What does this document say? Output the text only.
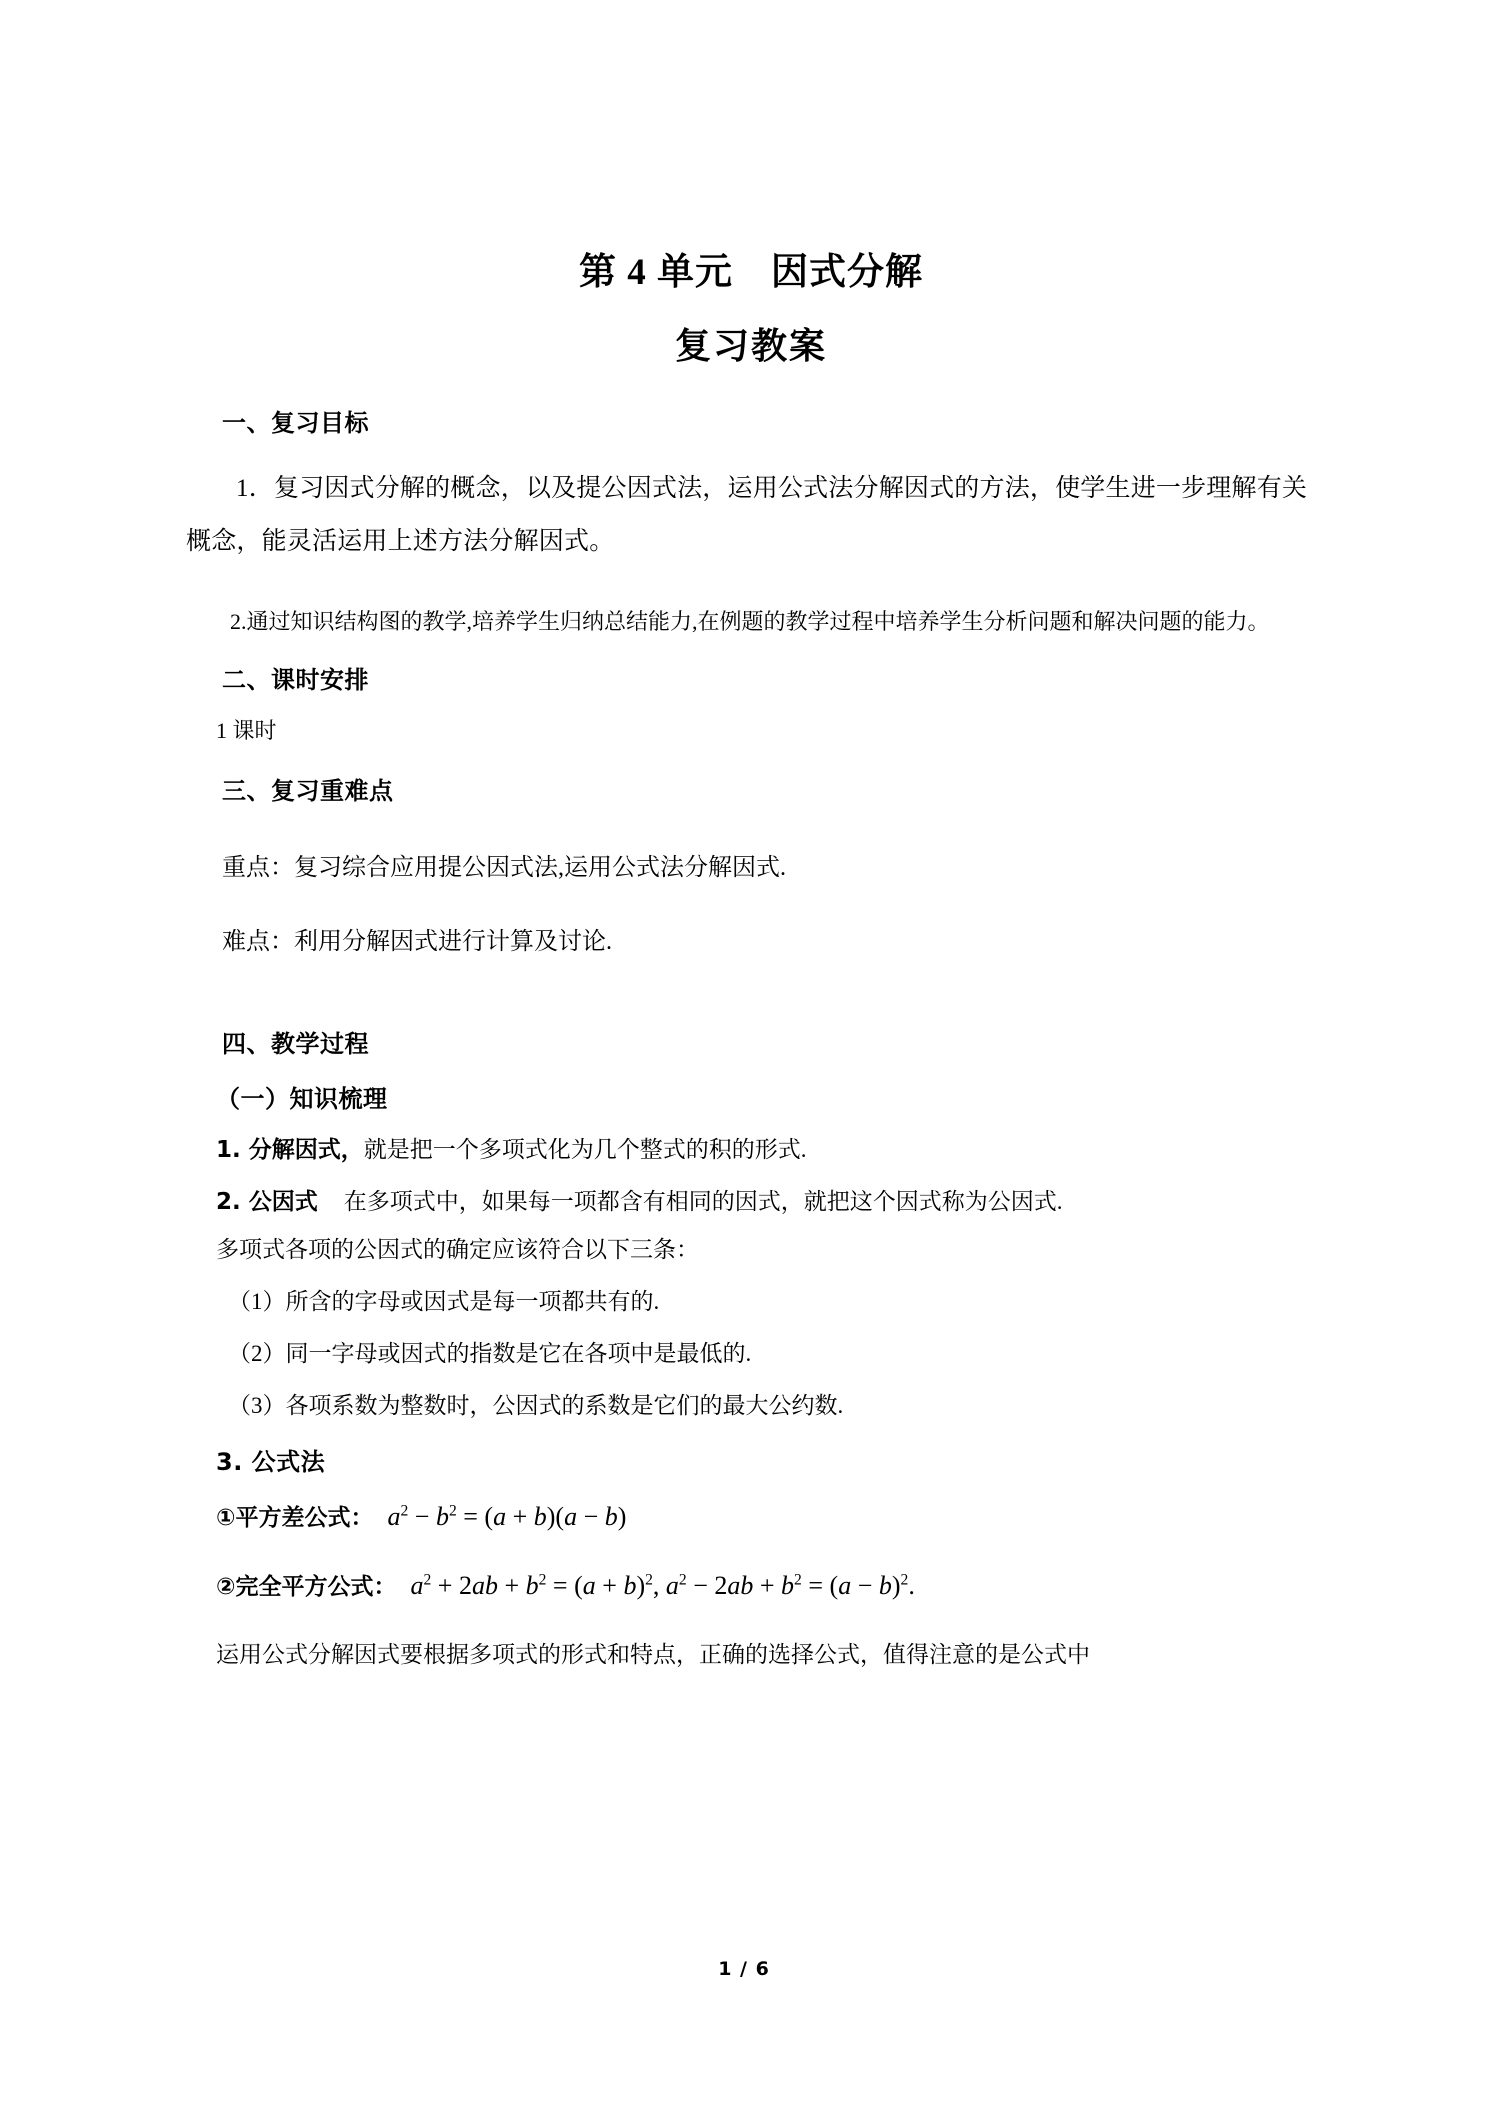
第 4 单元　因式分解
复习教案
一、复习目标

1．复习因式分解的概念，以及提公因式法，运用公式法分解因式的方法，使学生进一步理解有关概念，能灵活运用上述方法分解因式。

2.通过知识结构图的教学,培养学生归纳总结能力,在例题的教学过程中培养学生分析问题和解决问题的能力。

二、课时安排

1 课时

三、复习重难点

重点：复习综合应用提公因式法,运用公式法分解因式.

难点：利用分解因式进行计算及讨论.

四、教学过程
（一）知识梳理

1. 分解因式，就是把一个多项式化为几个整式的积的形式.

2. 公因式 在多项式中，如果每一项都含有相同的因式，就把这个因式称为公因式.

多项式各项的公因式的确定应该符合以下三条：

（1）所含的字母或因式是每一项都共有的.

（2）同一字母或因式的指数是它在各项中是最低的.

（3）各项系数为整数时，公因式的系数是它们的最大公约数.

3. 公式法
①平方差公式： $a^2 - b^2 = (a + b)(a - b)$
②完全平方公式： $a^2 + 2ab + b^2 = (a + b)^2$, $a^2 - 2ab + b^2 = (a - b)^2$.

运用公式分解因式要根据多项式的形式和特点，正确的选择公式，值得注意的是公式中

1 / 6
